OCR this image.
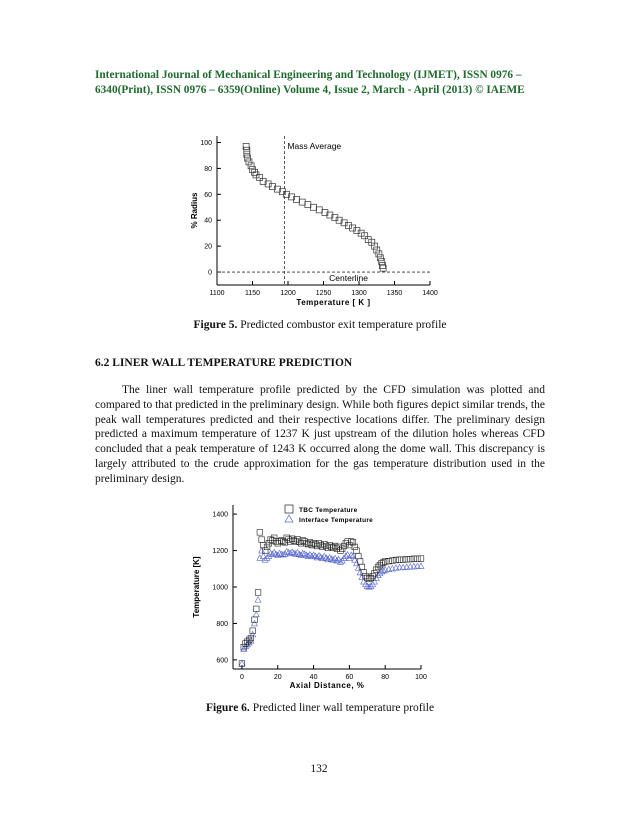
International Journal of Mechanical Engineering and Technology (IJMET), ISSN 0976 –
6340(Print), ISSN 0976 – 6359(Online) Volume 4, Issue 2, March - April (2013) © IAEME
1100	1150	1200	1250	1300	1350	1400
0
20
40
60
80
100	Mass Average
Centerline
Temperature [ K ]
% Radius
Figure 5. Predicted combustor exit temperature profile
6.2 LINER WALL TEMPERATURE PREDICTION

The liner wall temperature profile predicted by the CFD simulation was plotted and compared to that predicted in the preliminary design. While both figures depict similar trends, the peak wall temperatures predicted and their respective locations differ. The preliminary design predicted a maximum temperature of 1237 K just upstream of the dilution holes whereas CFD concluded that a peak temperature of 1243 K occurred along the dome wall. This discrepancy is largely attributed to the crude approximation for the gas temperature distribution used in the preliminary design.

0	20	40	60	80	100
600
800
1000
1200
1400
Axial Distance, %
Temperature [K]
TBC Temperature
Interface Temperature
Figure 6. Predicted liner wall temperature profile
132
